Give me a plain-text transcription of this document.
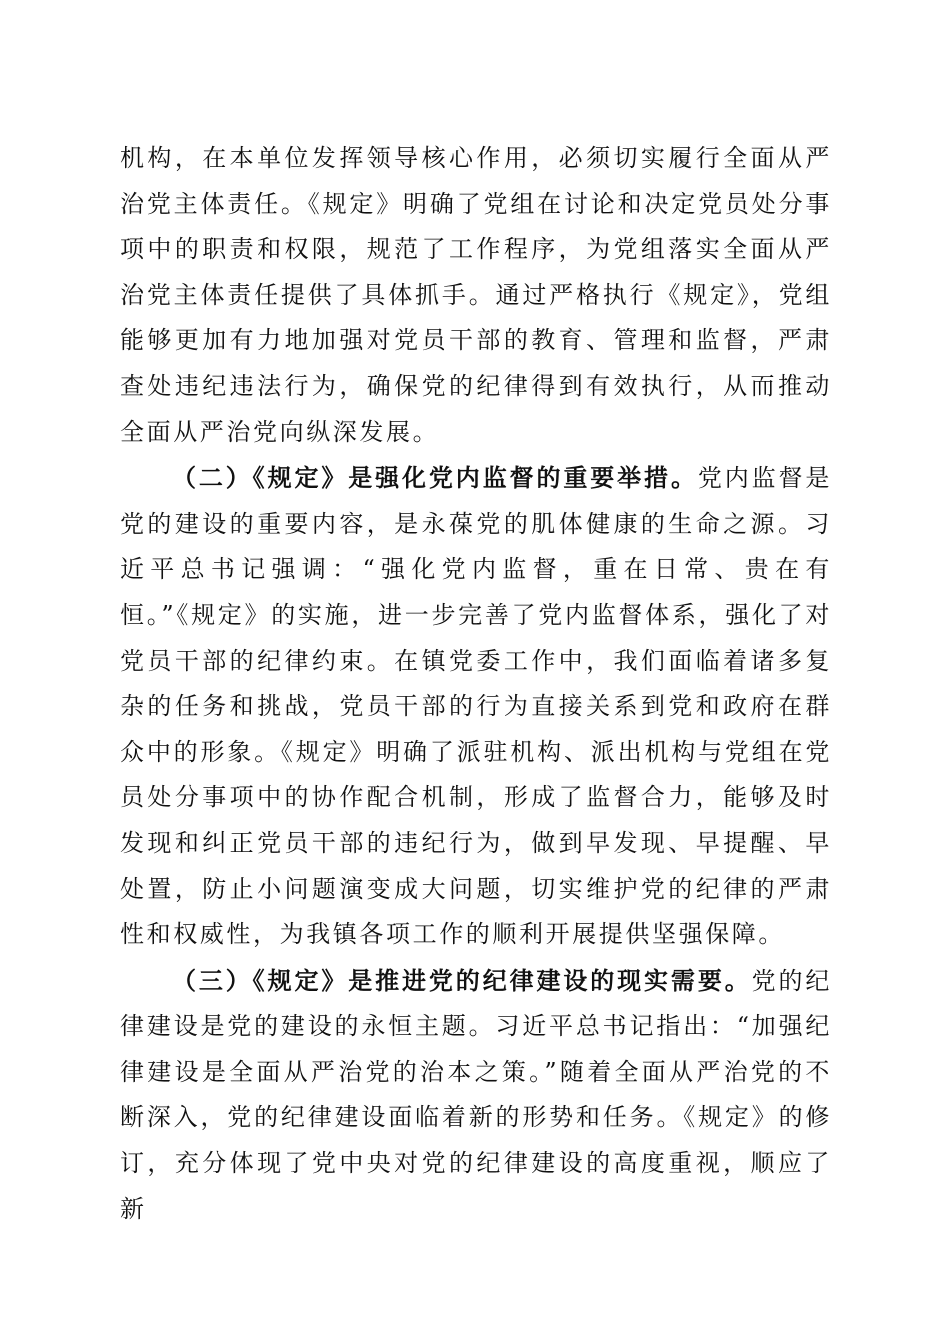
机构，在本单位发挥领导核心作用，必须切实履行全面从严治党主体责任。《规定》明确了党组在讨论和决定党员处分事项中的职责和权限，规范了工作程序，为党组落实全面从严治党主体责任提供了具体抓手。通过严格执行《规定》，党组能够更加有力地加强对党员干部的教育、管理和监督，严肃查处违纪违法行为，确保党的纪律得到有效执行，从而推动全面从严治党向纵深发展。

（二）《规定》是强化党内监督的重要举措。党内监督是党的建设的重要内容，是永葆党的肌体健康的生命之源。习近平总书记强调：“强化党内监督，重在日常、贵在有恒。”《规定》的实施，进一步完善了党内监督体系，强化了对党员干部的纪律约束。在镇党委工作中，我们面临着诸多复杂的任务和挑战，党员干部的行为直接关系到党和政府在群众中的形象。《规定》明确了派驻机构、派出机构与党组在党员处分事项中的协作配合机制，形成了监督合力，能够及时发现和纠正党员干部的违纪行为，做到早发现、早提醒、早处置，防止小问题演变成大问题，切实维护党的纪律的严肃性和权威性，为我镇各项工作的顺利开展提供坚强保障。

（三）《规定》是推进党的纪律建设的现实需要。党的纪律建设是党的建设的永恒主题。习近平总书记指出：“加强纪律建设是全面从严治党的治本之策。”随着全面从严治党的不断深入，党的纪律建设面临着新的形势和任务。《规定》的修订，充分体现了党中央对党的纪律建设的高度重视，顺应了新
